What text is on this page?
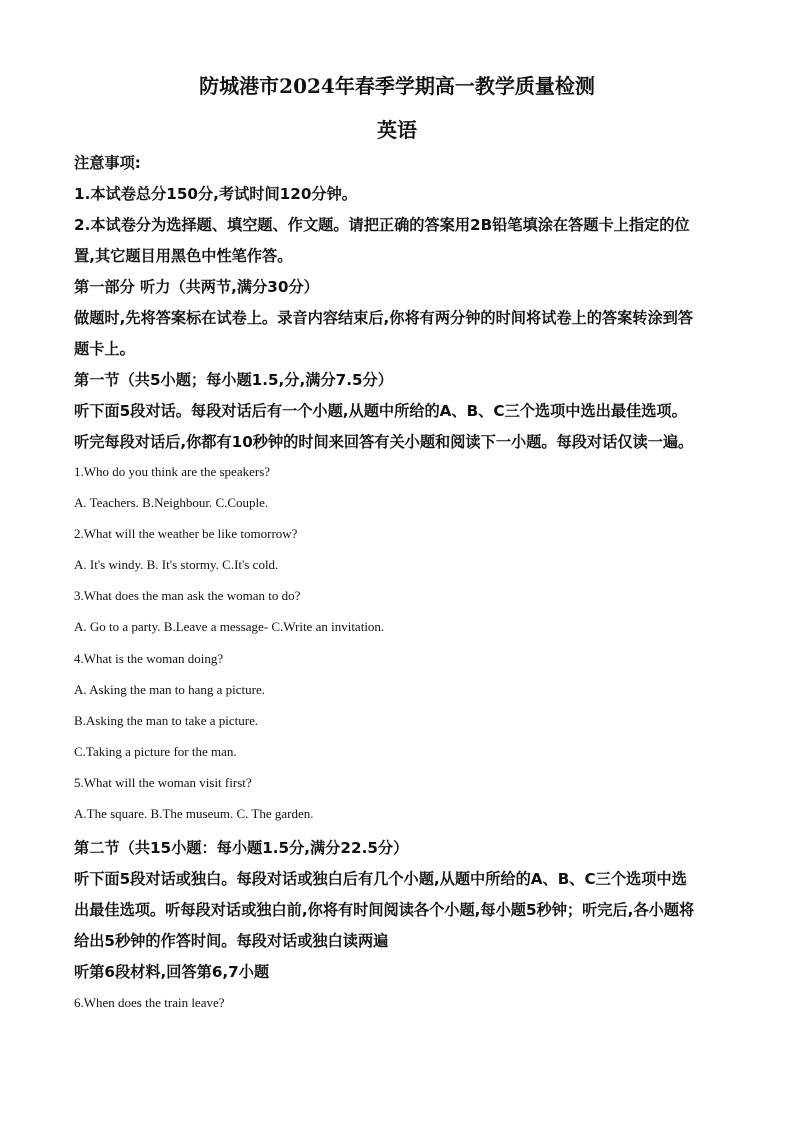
防城港市2024年春季学期高一教学质量检测
英语
注意事项:
1.本试卷总分150分,考试时间120分钟。
2.本试卷分为选择题、填空题、作文题。请把正确的答案用2B铅笔填涂在答题卡上指定的位
置,其它题目用黑色中性笔作答。
第一部分 听力（共两节,满分30分）
做题时,先将答案标在试卷上。录音内容结束后,你将有两分钟的时间将试卷上的答案转涂到答
题卡上。
第一节（共5小题；每小题1.5,分,满分7.5分）
听下面5段对话。每段对话后有一个小题,从题中所给的A、B、C三个选项中选出最佳选项。
听完每段对话后,你都有10秒钟的时间来回答有关小题和阅读下一小题。每段对话仅读一遍。
1.Who do you think are the speakers?
A. Teachers. B.Neighbour. C.Couple.
2.What will the weather be like tomorrow?
A. It's windy. B. It's stormy. C.It's cold.
3.What does the man ask the woman to do?
A. Go to a party. B.Leave a message- C.Write an invitation.
4.What is the woman doing?
A. Asking the man to hang a picture.
B.Asking the man to take a picture.
C.Taking a picture for the man.
5.What will the woman visit first?
A.The square. B.The museum. C. The garden.
第二节（共15小题：每小题1.5分,满分22.5分）
听下面5段对话或独白。每段对话或独白后有几个小题,从题中所给的A、B、C三个选项中选
出最佳选项。听每段对话或独白前,你将有时间阅读各个小题,每小题5秒钟；听完后,各小题将
给出5秒钟的作答时间。每段对话或独白读两遍
听第6段材料,回答第6,7小题
6.When does the train leave?
